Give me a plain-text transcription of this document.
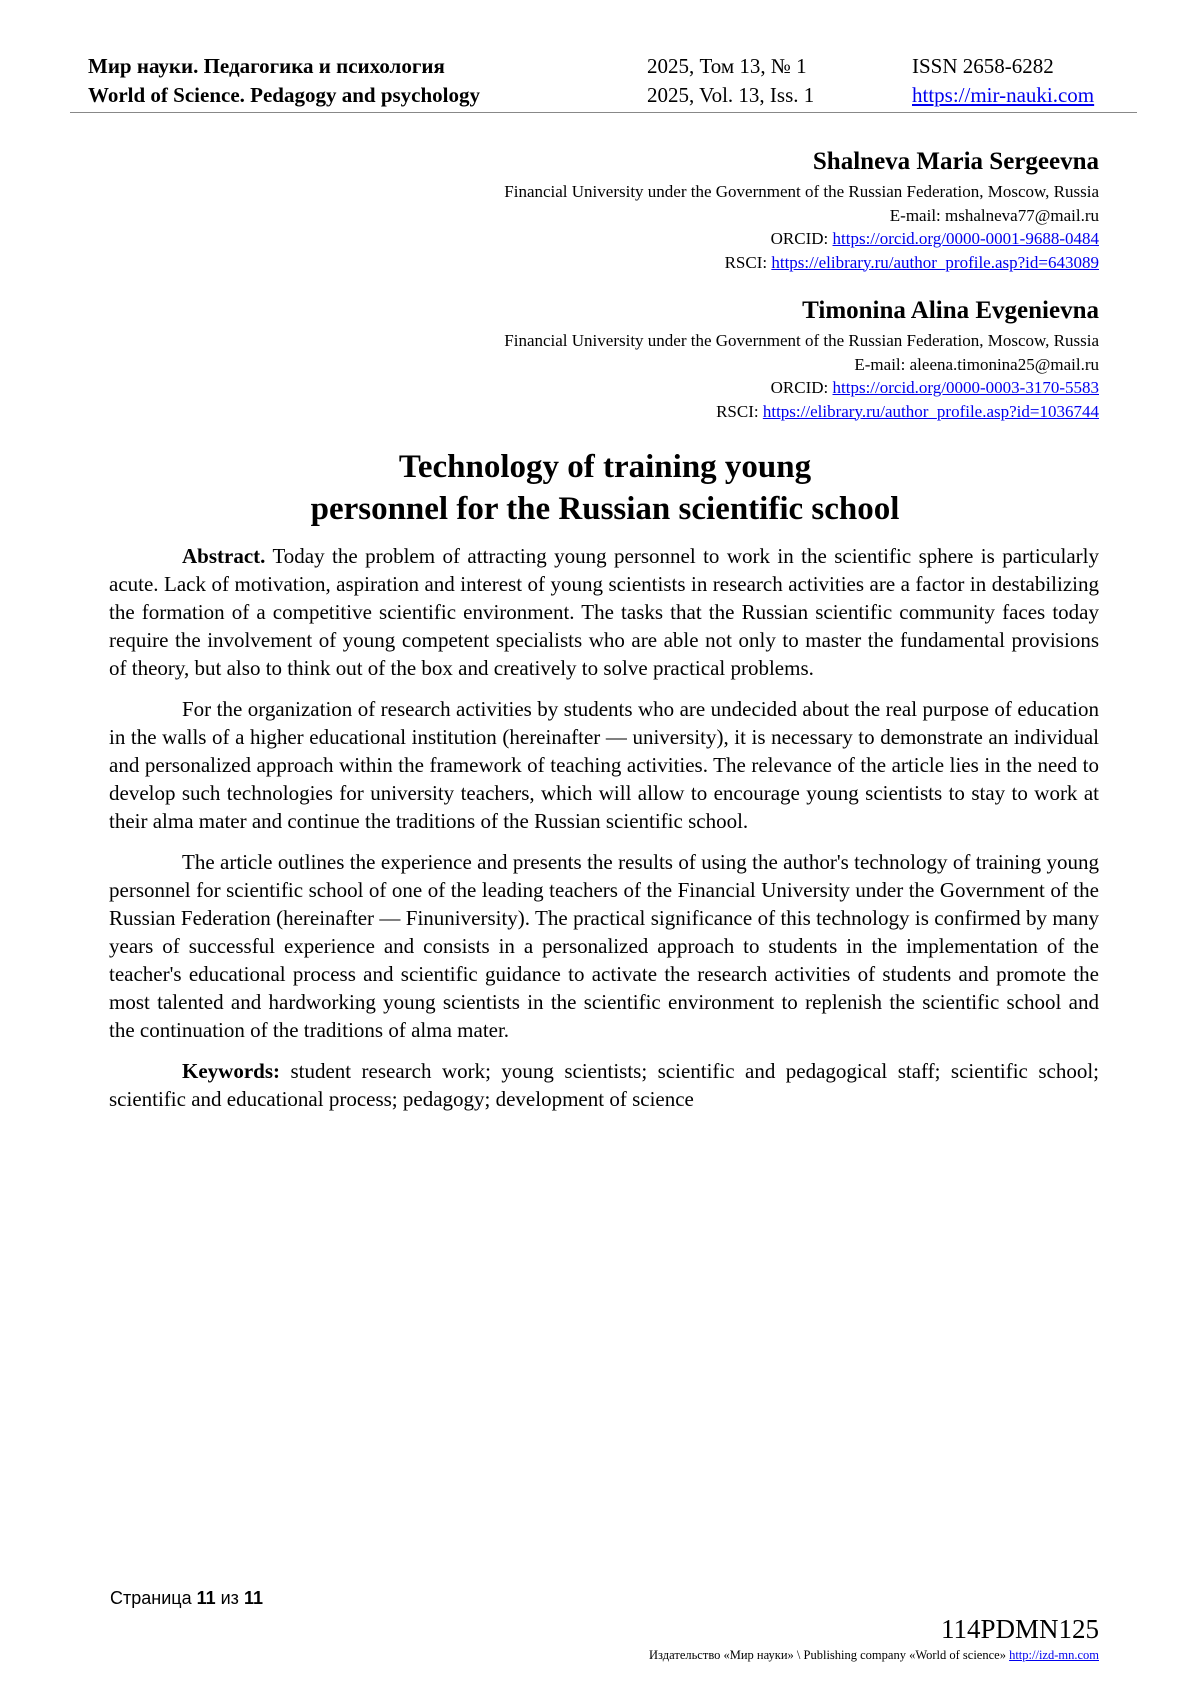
Мир науки. Педагогика и психология
World of Science. Pedagogy and psychology
2025, Том 13, № 1
2025, Vol. 13, Iss. 1
ISSN 2658-6282
https://mir-nauki.com
Shalneva Maria Sergeevna
Financial University under the Government of the Russian Federation, Moscow, Russia
E-mail: mshalneva77@mail.ru
ORCID: https://orcid.org/0000-0001-9688-0484
RSCI: https://elibrary.ru/author_profile.asp?id=643089
Timonina Alina Evgenievna
Financial University under the Government of the Russian Federation, Moscow, Russia
E-mail: aleena.timonina25@mail.ru
ORCID: https://orcid.org/0000-0003-3170-5583
RSCI: https://elibrary.ru/author_profile.asp?id=1036744
Technology of training young
personnel for the Russian scientific school

Abstract. Today the problem of attracting young personnel to work in the scientific sphere is particularly acute. Lack of motivation, aspiration and interest of young scientists in research activities are a factor in destabilizing the formation of a competitive scientific environment. The tasks that the Russian scientific community faces today require the involvement of young competent specialists who are able not only to master the fundamental provisions of theory, but also to think out of the box and creatively to solve practical problems.

For the organization of research activities by students who are undecided about the real purpose of education in the walls of a higher educational institution (hereinafter — university), it is necessary to demonstrate an individual and personalized approach within the framework of teaching activities. The relevance of the article lies in the need to develop such technologies for university teachers, which will allow to encourage young scientists to stay to work at their alma mater and continue the traditions of the Russian scientific school.

The article outlines the experience and presents the results of using the author's technology of training young personnel for scientific school of one of the leading teachers of the Financial University under the Government of the Russian Federation (hereinafter — Finuniversity). The practical significance of this technology is confirmed by many years of successful experience and consists in a personalized approach to students in the implementation of the teacher's educational process and scientific guidance to activate the research activities of students and promote the most talented and hardworking young scientists in the scientific environment to replenish the scientific school and the continuation of the traditions of alma mater.

Keywords: student research work; young scientists; scientific and pedagogical staff; scientific school; scientific and educational process; pedagogy; development of science

Страница 11 из 11
114PDMN125
Издательство «Мир науки» \ Publishing company «World of science» http://izd-mn.com
